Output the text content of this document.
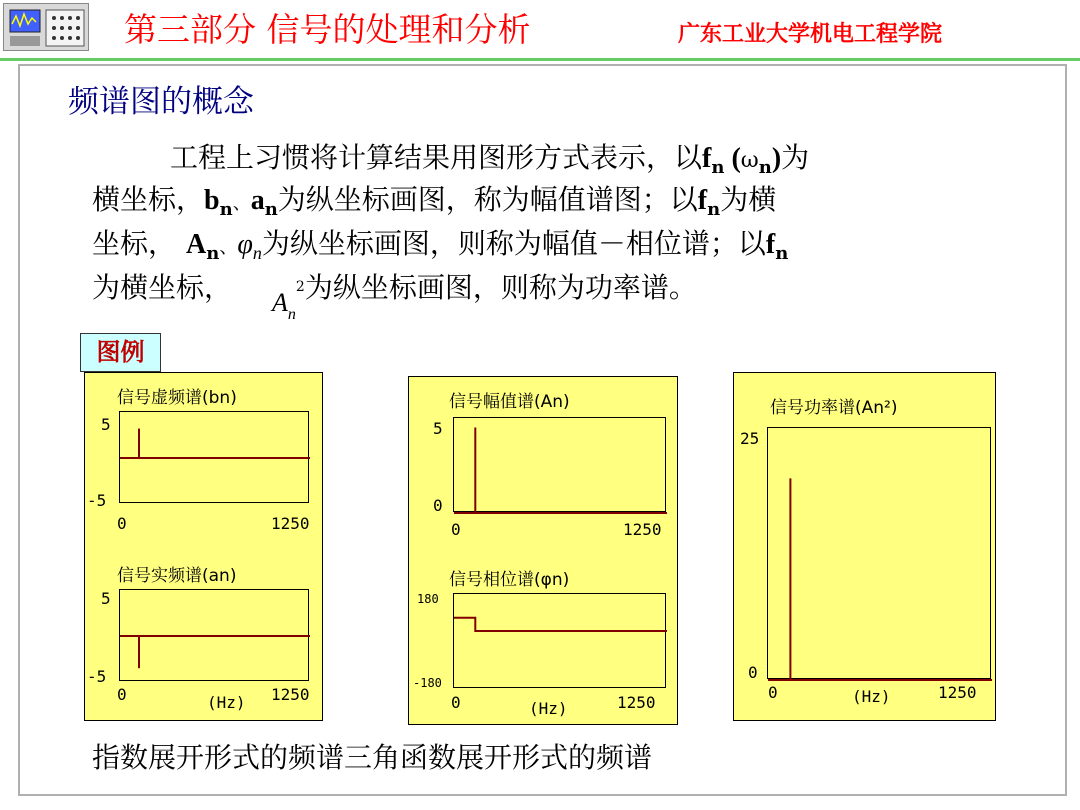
第三部分 信号的处理和分析	广东工业大学机电工程学院
频谱图的概念
工程上习惯将计算结果用图形方式表示，以$f_n$ $(\omega_n)$为
横坐标，$b_n$、$a_n$为纵坐标画图，称为幅值谱图；以$f_n$为横
坐标， $A_n$、$\varphi_n$为纵坐标画图，则称为幅值－相位谱；以$f_n$
为横坐标， $A_n^2$为纵坐标画图，则称为功率谱。
图例
信号虚频谱(bn)
5
-5
0	1250
信号实频谱(an)
5
-5
0	(Hz) 1250
信号幅值谱(An)
5
0
0	1250
信号相位谱(φn)
180
-180
0	(Hz)	1250
信号功率谱(An²)
25
0
0	(Hz)	1250
指数展开形式的频谱三角函数展开形式的频谱
